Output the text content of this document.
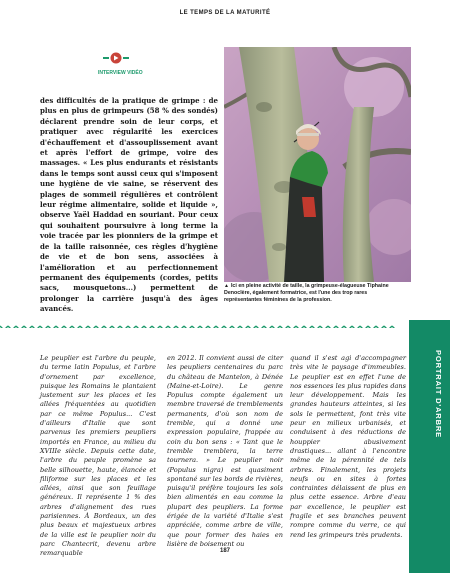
LE TEMPS DE LA MATURITÉ
INTERVIEW VIDÉO

des difficultés de la pratique de grimpe : de plus en plus de grimpeurs (58 % des sondés) déclarent prendre soin de leur corps, et pratiquer avec régularité les exercices d'échauffement et d'assouplissement avant et après l'effort de grimpe, voire des massages. « Les plus endurants et résistants dans le temps sont aussi ceux qui s'imposent une hygiène de vie saine, se réservent des plages de sommeil régulières et contrôlent leur régime alimentaire, solide et liquide », observe Yaël Haddad en souriant. Pour ceux qui souhaitent poursuivre à long terme la voie tracée par les pionniers de la grimpe et de la taille raisonnée, ces règles d'hygiène de vie et de bon sens, associées à l'amélioration et au perfectionnement permanent des équipements (cordes, petits sacs, mousquetons...) permettent de prolonger la carrière jusqu'à des âges avancés.

▲ Ici en pleine activité de taille, la grimpeuse-élagueuse Tiphaine Denoclère, également formatrice, est l'une des trop rares représentantes féminines de la profession.

Le peuplier est l'arbre du peuple, du terme latin Populus, et l'arbre d'ornement par excellence, puisque les Romains le plantaient justement sur les places et les allées fréquentées au quotidien par ce même Populus... C'est d'ailleurs d'Italie que sont parvenus les premiers peupliers importés en France, au milieu du XVIIIe siècle. Depuis cette date, l'arbre du peuple promène sa belle silhouette, haute, élancée et filiforme sur les places et les allées, ainsi que son feuillage généreux. Il représente 1 % des arbres d'alignement des rues parisiennes. À Bordeaux, un des plus beaux et majestueux arbres de la ville est le peuplier noir du parc Chantecrit, devenu arbre remarquable

en 2012. Il convient aussi de citer les peupliers centenaires du parc du château de Mantelon, à Dénée (Maine-et-Loire). Le genre Populus compte également un membre traversé de tremblements permanents, d'où son nom de tremble, qui a donné une expression populaire, frappée au coin du bon sens : « Tant que le tremble tremblera, la terre tournera. » Le peuplier noir (Populus nigra) est quasiment spontané sur les bords de rivières, puisqu'il préfère toujours les sols bien alimentés en eau comme la plupart des peupliers. La forme érigée de la variété d'Italie s'est appréciée, comme arbre de ville, que pour former des haies en lisière de boisement ou

quand il s'est agi d'accompagner très vite le paysage d'immeubles. Le peuplier est en effet l'une de nos essences les plus rapides dans leur développement. Mais les grandes hauteurs atteintes, si les sols le permettent, font très vite peur en milieux urbanisés, et conduisent à des réductions de houppier abusivement drastiques... allant à l'encontre même de la pérennité de tels arbres. Finalement, les projets neufs ou en sites à fortes contraintes délaissent de plus en plus cette essence. Arbre d'eau par excellence, le peuplier est fragile et ses branches peuvent rompre comme du verre, ce qui rend les grimpeurs très prudents.

PORTRAIT D'ARBRE
187
